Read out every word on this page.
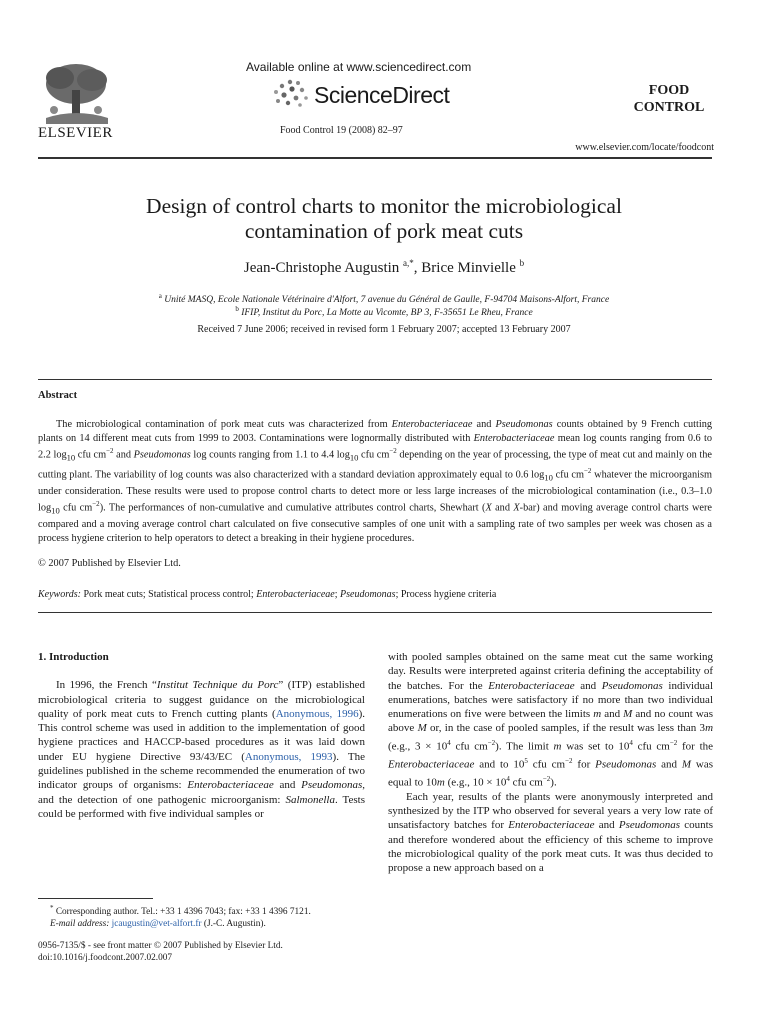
ELSEVIER
Available online at www.sciencedirect.com
ScienceDirect
Food Control 19 (2008) 82–97
FOOD
CONTROL
www.elsevier.com/locate/foodcont
Design of control charts to monitor the microbiological
contamination of pork meat cuts
Jean-Christophe Augustin $^{a,*}$, Brice Minvielle $^b$
$^a$ Unité MASQ, Ecole Nationale Vétérinaire d'Alfort, 7 avenue du Général de Gaulle, F-94704 Maisons-Alfort, France
$^b$ IFIP, Institut du Porc, La Motte au Vicomte, BP 3, F-35651 Le Rheu, France
Received 7 June 2006; received in revised form 1 February 2007; accepted 13 February 2007
Abstract
The microbiological contamination of pork meat cuts was characterized from Enterobacteriaceae and Pseudomonas counts obtained by 9 French cutting plants on 14 different meat cuts from 1999 to 2003. Contaminations were lognormally distributed with Enterobacteriaceae mean log counts ranging from 0.6 to 2.2 $\log_{10}$ cfu $cm^{-2}$ and Pseudomonas log counts ranging from 1.1 to 4.4 $\log_{10}$ cfu $cm^{-2}$ depending on the year of processing, the type of meat cut and mainly on the cutting plant. The variability of log counts was also characterized with a standard deviation approximately equal to 0.6 $\log_{10}$ cfu $cm^{-2}$ whatever the microorganism under consideration. These results were used to propose control charts to detect more or less large increases of the microbiological contamination (i.e., 0.3–1.0 $\log_{10}$ cfu $cm^{-2}$). The performances of non-cumulative and cumulative attributes control charts, Shewhart (X and X-bar) and moving average control charts were compared and a moving average control chart calculated on five consecutive samples of one unit with a sampling rate of two samples per week was chosen as a process hygiene criterion to help operators to detect a breaking in their hygiene procedures.
© 2007 Published by Elsevier Ltd.
Keywords: Pork meat cuts; Statistical process control; Enterobacteriaceae; Pseudomonas; Process hygiene criteria
1. Introduction

In 1996, the French “Institut Technique du Porc” (ITP) established microbiological criteria to suggest guidance on the microbiological quality of pork meat cuts to French cutting plants (Anonymous, 1996). This control scheme was used in addition to the implementation of good hygiene practices and HACCP-based procedures as it was laid down under EU hygiene Directive 93/43/EC (Anonymous, 1993). The guidelines published in the scheme recommended the enumeration of two indicator groups of organisms: Enterobacteriaceae and Pseudomonas, and the detection of one pathogenic microorganism: Salmonella. Tests could be performed with five individual samples or

with pooled samples obtained on the same meat cut the same working day. Results were interpreted against criteria defining the acceptability of the batches. For the Enterobacteriaceae and Pseudomonas individual enumerations, batches were satisfactory if no more than two individual enumerations on five were between the limits m and M and no count was above M or, in the case of pooled samples, if the result was less than 3m (e.g., $3 \times 10^4$ cfu $cm^{-2}$). The limit m was set to $10^4$ cfu $cm^{-2}$ for the Enterobacteriaceae and to $10^5$ cfu $cm^{-2}$ for Pseudomonas and M was equal to 10m (e.g., $10 \times 10^4$ cfu $cm^{-2}$).

Each year, results of the plants were anonymously interpreted and synthesized by the ITP who observed for several years a very low rate of unsatisfactory batches for Enterobacteriaceae and Pseudomonas counts and therefore wondered about the efficiency of this scheme to improve the microbiological quality of the pork meat cuts. It was thus decided to propose a new approach based on a

* Corresponding author. Tel.: +33 1 4396 7043; fax: +33 1 4396 7121.
E-mail address: jcaugustin@vet-alfort.fr (J.-C. Augustin).
0956-7135/$ - see front matter © 2007 Published by Elsevier Ltd.
doi:10.1016/j.foodcont.2007.02.007
